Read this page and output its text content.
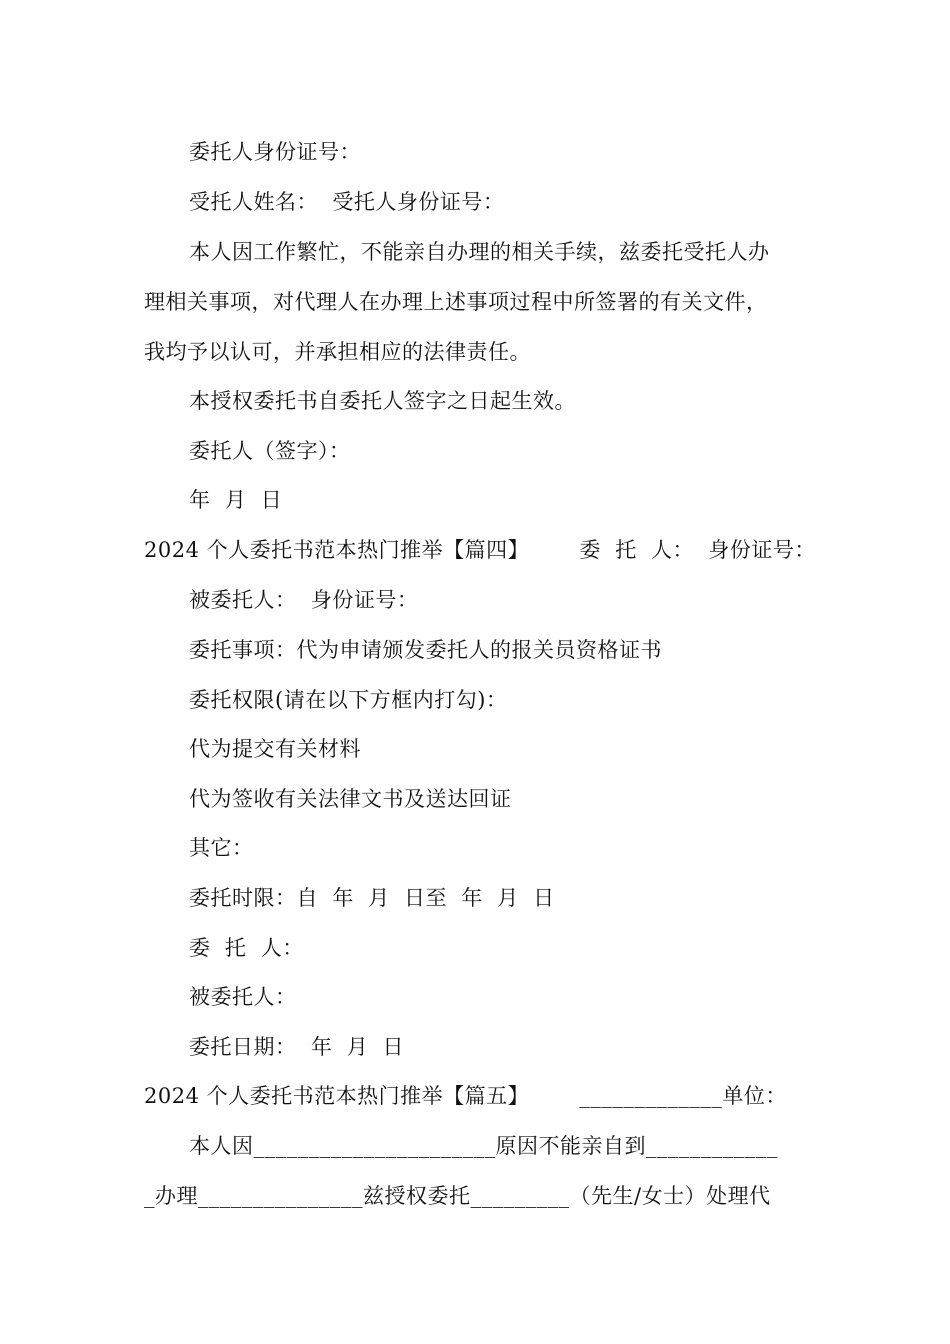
委托人身份证号：
受托人姓名：  受托人身份证号：
本人因工作繁忙，不能亲自办理的相关手续，兹委托受托人办
理相关事项，对代理人在办理上述事项过程中所签署的有关文件，
我均予以认可，并承担相应的法律责任。
本授权委托书自委托人签字之日起生效。
委托人（签字）：
年  月  日
2024 个人委托书范本热门推举【篇四】       委  托  人：  身份证号：
被委托人：  身份证号：
委托事项：代为申请颁发委托人的报关员资格证书
委托权限(请在以下方框内打勾)：
代为提交有关材料
代为签收有关法律文书及送达回证
其它：
委托时限：自  年  月  日至  年  月  日
委  托  人：
被委托人：
委托日期：  年  月  日
2024 个人委托书范本热门推举【篇五】       _____________单位：
本人因______________________原因不能亲自到____________
_办理_______________兹授权委托_________（先生/女士）处理代
